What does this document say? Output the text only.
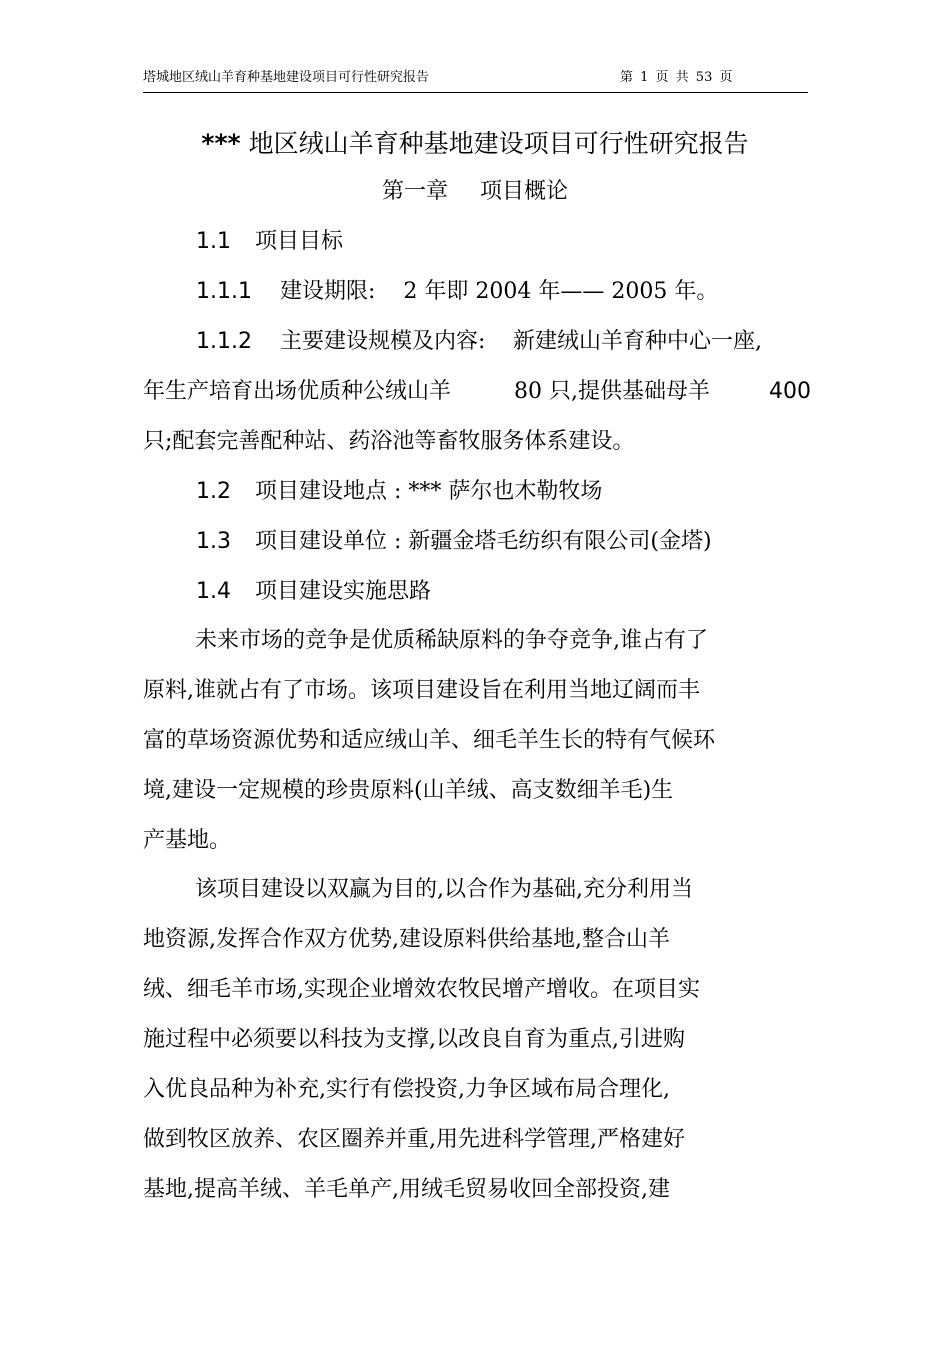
塔城地区绒山羊育种基地建设项目可行性研究报告	第 1 页 共 53 页
*** 地区绒山羊育种基地建设项目可行性研究报告
第一章 项目概论
1.1 项目目标
1.1.1 建设期限: 2 年即 2004 年—— 2005 年。
1.1.2 主要建设规模及内容: 新建绒山羊育种中心一座,
年生产培育出场优质种公绒山羊	80 只,提供基础母羊	400
只;配套完善配种站、药浴池等畜牧服务体系建设。
1.2 项目建设地点 : *** 萨尔也木勒牧场
1.3 项目建设单位 : 新疆金塔毛纺织有限公司(金塔)
1.4 项目建设实施思路
未来市场的竞争是优质稀缺原料的争夺竞争,谁占有了
原料,谁就占有了市场。该项目建设旨在利用当地辽阔而丰
富的草场资源优势和适应绒山羊、细毛羊生长的特有气候环
境,建设一定规模的珍贵原料(山羊绒、高支数细羊毛)生
产基地。
该项目建设以双赢为目的,以合作为基础,充分利用当
地资源,发挥合作双方优势,建设原料供给基地,整合山羊
绒、细毛羊市场,实现企业增效农牧民增产增收。在项目实
施过程中必须要以科技为支撑,以改良自育为重点,引进购
入优良品种为补充,实行有偿投资,力争区域布局合理化,
做到牧区放养、农区圈养并重,用先进科学管理,严格建好
基地,提高羊绒、羊毛单产,用绒毛贸易收回全部投资,建
